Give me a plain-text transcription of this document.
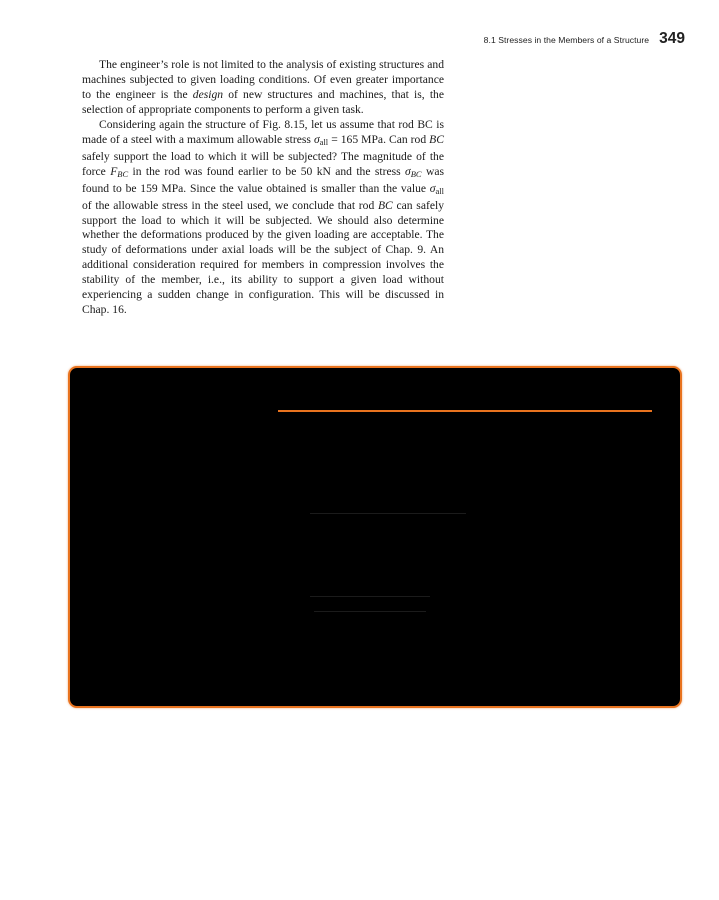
8.1 Stresses in the Members of a Structure 349

The engineer’s role is not limited to the analysis of existing structures and machines subjected to given loading conditions. Of even greater importance to the engineer is the design of new structures and machines, that is, the selection of appropriate components to perform a given task.

Considering again the structure of Fig. 8.15, let us assume that rod BC is made of a steel with a maximum allowable stress $\sigma_{all} = 165$ MPa. Can rod BC safely support the load to which it will be subjected? The magnitude of the force FBC in the rod was found earlier to be 50 kN and the stress σBC was found to be 159 MPa. Since the value obtained is smaller than the value $\sigma_{all}$ of the allowable stress in the steel used, we conclude that rod BC can safely support the load to which it will be subjected. We should also determine whether the deformations produced by the given loading are acceptable. The study of deformations under axial loads will be the subject of Chap. 9. An additional consideration required for members in compression involves the stability of the member, i.e., its ability to support a given load without experiencing a sudden change in configuration. This will be discussed in Chap. 16.
